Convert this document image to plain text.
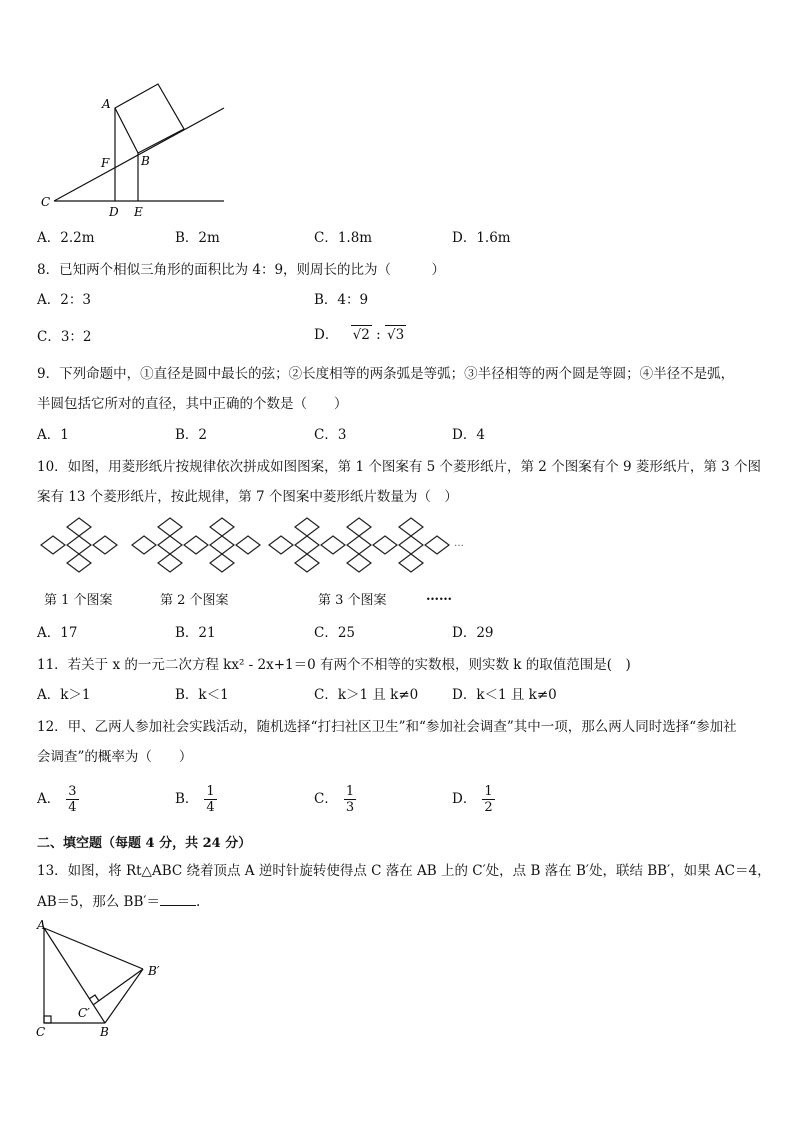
A
B
C
D E
F
A．2.2m	B．2m	C．1.8m	D．1.6m
8．已知两个相似三角形的面积比为 4：9，则周长的比为（　　　）
A．2：3	B．4：9
C．3：2	D． √2 : √3
9．下列命题中，①直径是圆中最长的弦；②长度相等的两条弧是等弧；③半径相等的两个圆是等圆；④半径不是弧，
半圆包括它所对的直径，其中正确的个数是（　　）
A．1	B．2	C．3	D．4
10．如图，用菱形纸片按规律依次拼成如图图案，第 1 个图案有 5 个菱形纸片，第 2 个图案有个 9 菱形纸片，第 3 个图
案有 13 个菱形纸片，按此规律，第 7 个图案中菱形纸片数量为（　）
…
第 1 个图案	第 2 个图案	第 3 个图案	……
A．17	B．21	C．25	D．29
11．若关于 x 的一元二次方程 kx² - 2x+1＝0 有两个不相等的实数根，则实数 k 的取值范围是(　)
A．k＞1	B．k＜1	C．k＞1 且 k≠0 D．k＜1 且 k≠0
12．甲、乙两人参加社会实践活动，随机选择“打扫社区卫生”和“参加社会调查”其中一项，那么两人同时选择“参加社
会调查”的概率为（　　）
A． $\frac{3}{4}$	B． $\frac{1}{4}$	C． $\frac{1}{3}$	D． $\frac{1}{2}$
二、填空题（每题 4 分，共 24 分）
13．如图，将 Rt△ABC 绕着顶点 A 逆时针旋转使得点 C 落在 AB 上的 C′处，点 B 落在 B′处，联结 BB′，如果 AC＝4，
AB＝5，那么 BB′＝	.
A
B′
C′
C	B
